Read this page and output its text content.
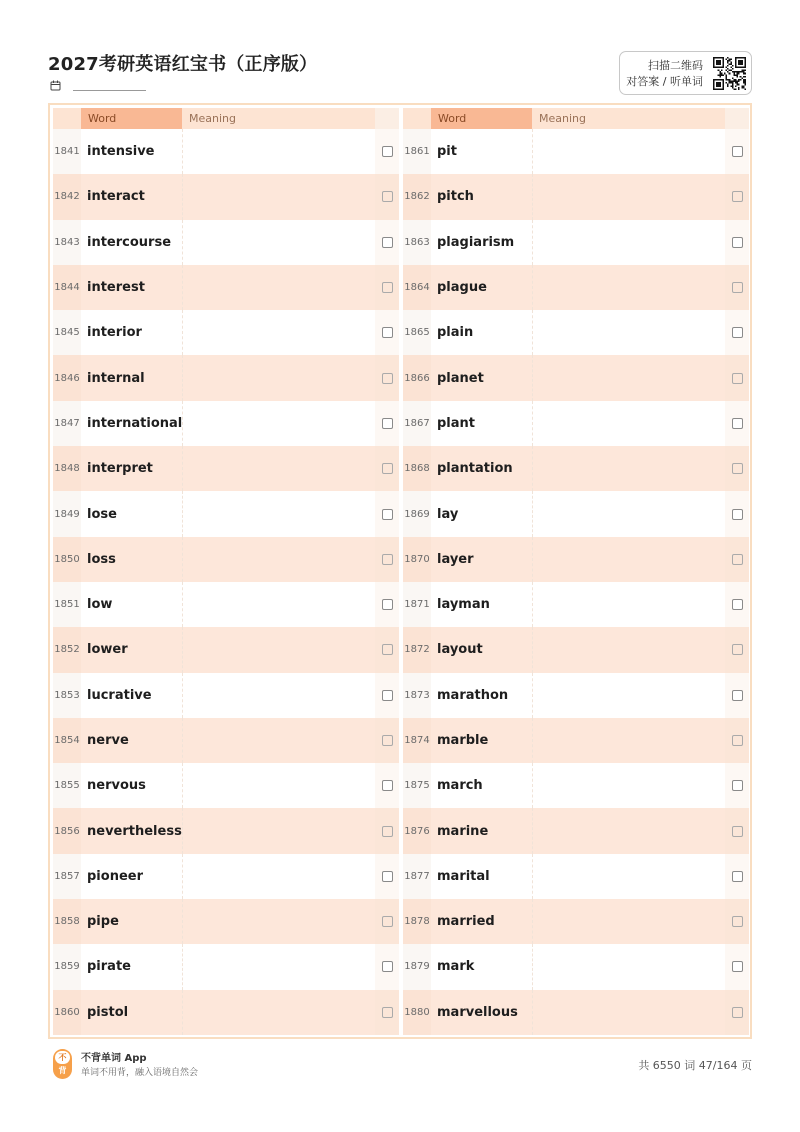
2027考研英语红宝书（正序版）	扫描二维码
对答案 / 听单词
Word	Meaning
1841 intensive
1842 interact
1843 intercourse
1844 interest
1845 interior
1846 internal
1847 international
1848 interpret
1849 lose
1850 loss
1851 low
1852 lower
1853 lucrative
1854 nerve
1855 nervous
1856 nevertheless
1857 pioneer
1858 pipe
1859 pirate
1860 pistol
Word	Meaning
1861 pit
1862 pitch
1863 plagiarism
1864 plague
1865 plain
1866 planet
1867 plant
1868 plantation
1869 lay
1870 layer
1871 layman
1872 layout
1873 marathon
1874 marble
1875 march
1876 marine
1877 marital
1878 married
1879 mark
1880 marvellous
不
背
不背单词 App
单词不用背，融入语境自然会
共 6550 词 47/164 页
